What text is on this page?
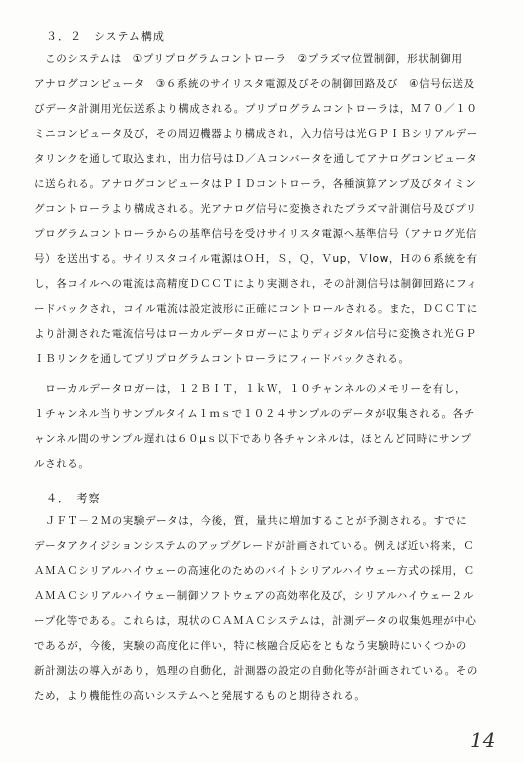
３．２　システム構成
　このシステムは　①プリプログラムコントローラ　②プラズマ位置制御，形状制御用
アナログコンピュータ　③６系統のサイリスタ電源及びその制御回路及び　④信号伝送及
びデータ計測用光伝送系より構成される。プリプログラムコントローラは，Ｍ７０／１０
ミニコンピュータ及び，その周辺機器より構成され，入力信号は光ＧＰＩＢシリアルデー
タリンクを通して取込まれ，出力信号はＤ／Ａコンバータを通してアナログコンピュータ
に送られる。アナログコンピュータはＰＩＤコントローラ，各種演算アンプ及びタイミン
グコントローラより構成される。光アナログ信号に変換されたプラズマ計測信号及びプリ
プログラムコントローラからの基準信号を受けサイリスタ電源へ基準信号（アナログ光信
号）を送出する。サイリスタコイル電源はＯＨ，Ｓ，Ｑ，Ｖup，Ｖlow，Ｈの６系統を有
し，各コイルへの電流は高精度ＤＣＣＴにより実測され，その計測信号は制御回路にフィ
ードバックされ，コイル電流は設定波形に正確にコントロールされる。また，ＤＣＣＴに
より計測された電流信号はローカルデータロガーによりディジタル信号に変換され光ＧＰ
ＩＢリンクを通してプリプログラムコントローラにフィードバックされる。
　ローカルデータロガーは，１２ＢＩＴ，１ｋＷ，１０チャンネルのメモリーを有し，
１チャンネル当りサンプルタイム１ｍｓで１０２４サンプルのデータが収集される。各チ
ャンネル間のサンプル遅れは６０μｓ以下であり各チャンネルは，ほとんど同時にサンプ
ルされる。
４．　考察
　ＪＦＴ－２Ｍの実験データは，今後，質，量共に増加することが予測される。すでに
データアクイジションシステムのアップグレードが計画されている。例えば近い将来，Ｃ
ＡＭＡＣシリアルハイウェーの高速化のためのバイトシリアルハイウェー方式の採用，Ｃ
ＡＭＡＣシリアルハイウェー制御ソフトウェアの高効率化及び，シリアルハイウェー２ル
ープ化等である。これらは，現状のＣＡＭＡＣシステムは，計測データの収集処理が中心
であるが，今後，実験の高度化に伴い，特に核融合反応をともなう実験時にいくつかの
新計測法の導入があり，処理の自動化，計測器の設定の自動化等が計画されている。その
ため，より機能性の高いシステムへと発展するものと期待される。
14
